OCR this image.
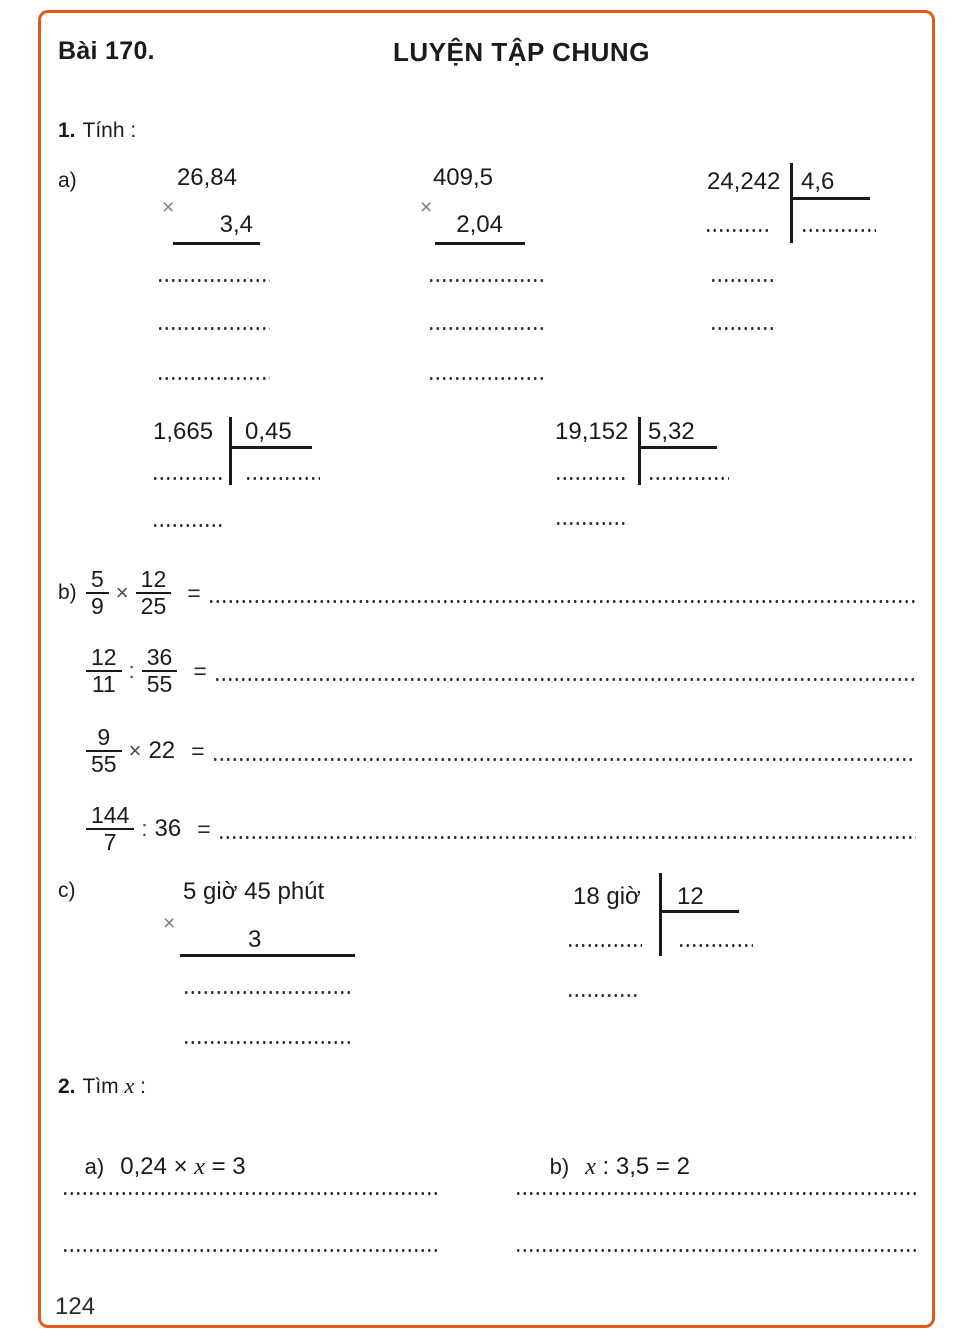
Bài 170.	LUYỆN TẬP CHUNG
1. Tính :
a)	26,84
×
3,4
409,5
×
2,04
24,242 4,6
1,665 0,45	19,152 5,32
$b) \frac{5}{9} \times \frac{12}{25}$ =
$\frac{12}{11}$ : $\frac{36}{55}$ =
$\frac{9}{55} \times 22$ =
$\frac{144}{7}$ : 36 =
c)	5 giờ 45 phút
×
3
18 giờ 12
2. Tìm x :

a) 0,24 × x = 3
	b) x : 3,5 = 2

124
